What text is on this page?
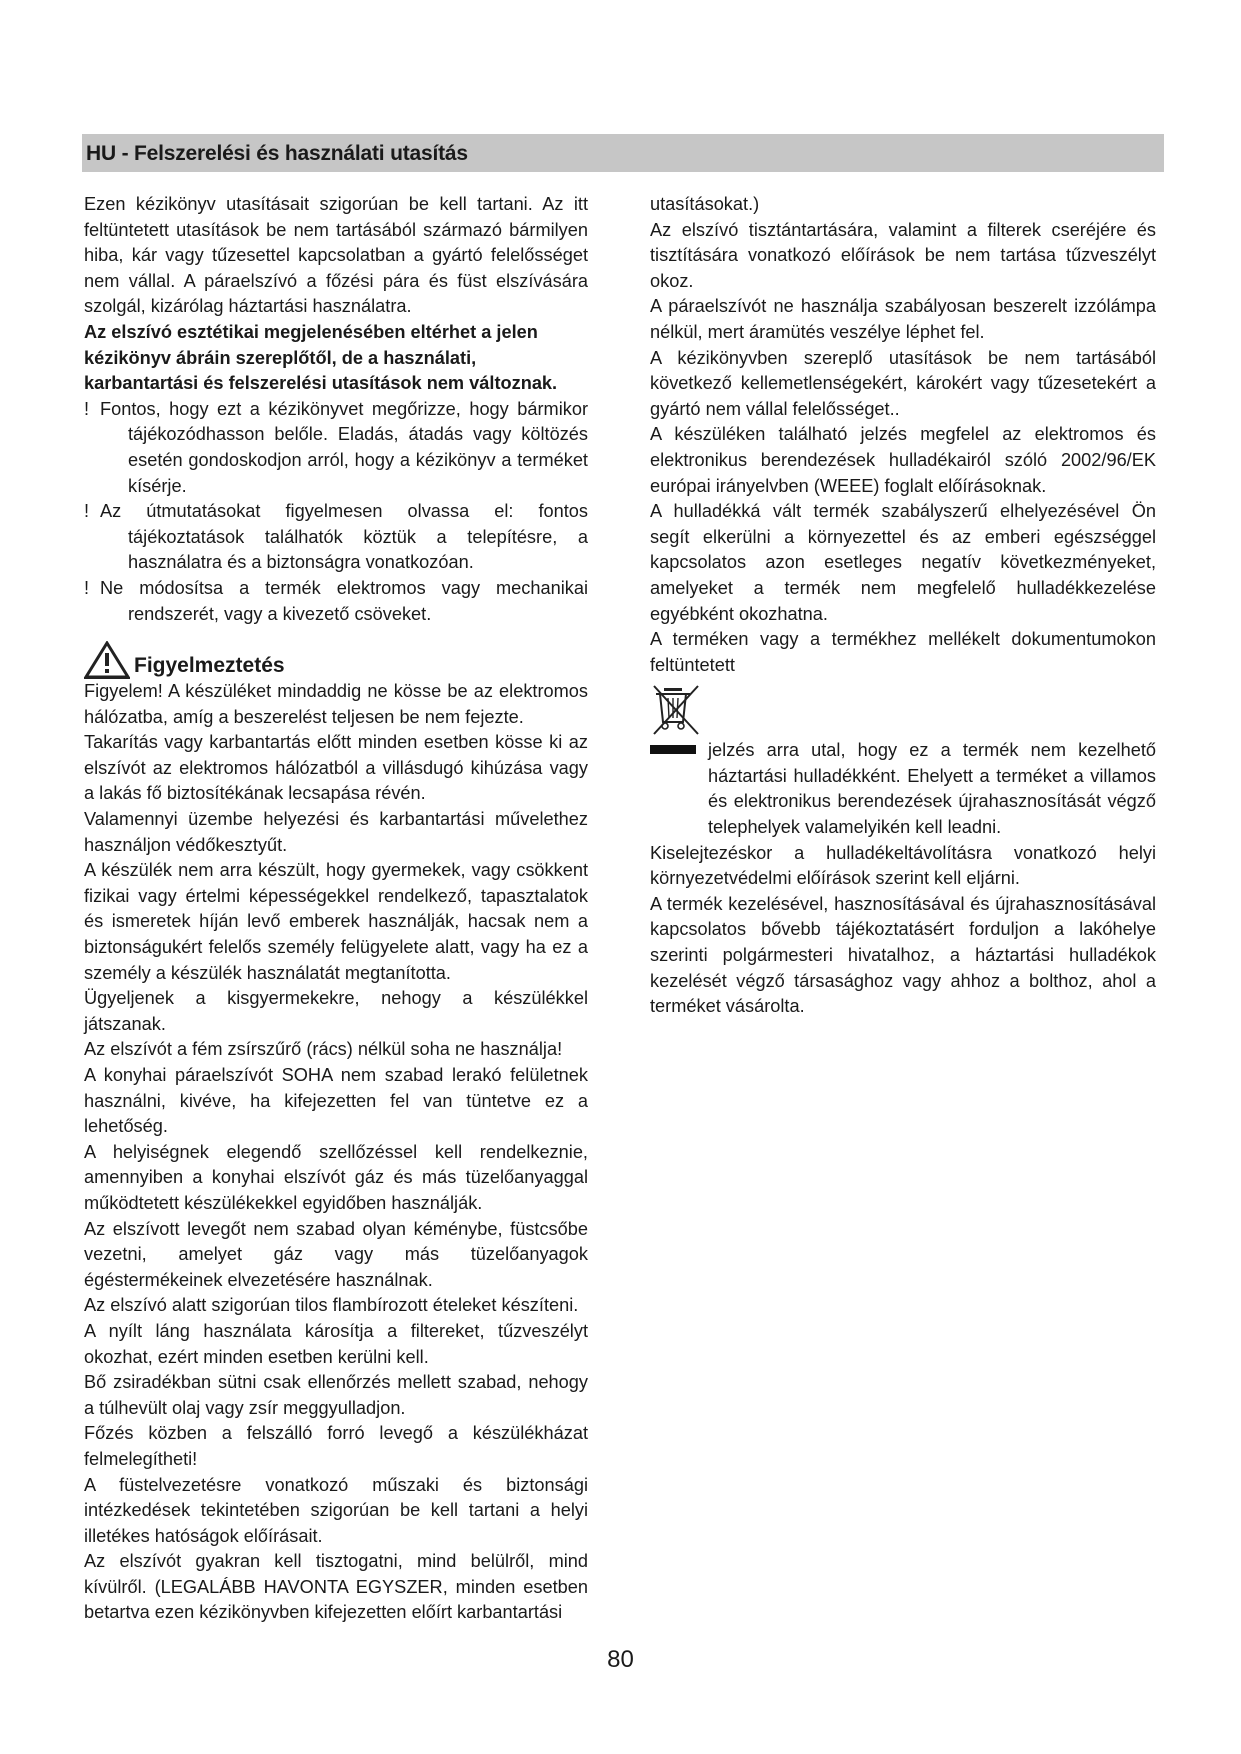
HU - Felszerelési és használati utasítás

Ezen kézikönyv utasításait szigorúan be kell tartani. Az itt feltüntetett utasítások be nem tartásából származó bármilyen hiba, kár vagy tűzesettel kapcsolatban a gyártó felelősséget nem vállal. A páraelszívó a főzési pára és füst elszívására szolgál, kizárólag háztartási használatra.

Az elszívó esztétikai megjelenésében eltérhet a jelen kézikönyv ábráin szereplőtől, de a használati, karbantartási és felszerelési utasítások nem változnak.

! Fontos, hogy ezt a kézikönyvet megőrizze, hogy bármikor tájékozódhasson belőle. Eladás, átadás vagy költözés esetén gondoskodjon arról, hogy a kézikönyv a terméket kísérje.

! Az útmutatásokat figyelmesen olvassa el: fontos tájékoztatások találhatók köztük a telepítésre, a használatra és a biztonságra vonatkozóan.

! Ne módosítsa a termék elektromos vagy mechanikai rendszerét, vagy a kivezető csöveket.

Figyelmeztetés

Figyelem! A készüléket mindaddig ne kösse be az elektromos hálózatba, amíg a beszerelést teljesen be nem fejezte.

Takarítás vagy karbantartás előtt minden esetben kösse ki az elszívót az elektromos hálózatból a villásdugó kihúzása vagy a lakás fő biztosítékának lecsapása révén.

Valamennyi üzembe helyezési és karbantartási művelethez használjon védőkesztyűt.

A készülék nem arra készült, hogy gyermekek, vagy csökkent fizikai vagy értelmi képességekkel rendelkező, tapasztalatok és ismeretek híján levő emberek használják, hacsak nem a biztonságukért felelős személy felügyelete alatt, vagy ha ez a személy a készülék használatát megtanította.

Ügyeljenek a kisgyermekekre, nehogy a készülékkel játszanak.

Az elszívót a fém zsírszűrő (rács) nélkül soha ne használja!

A konyhai páraelszívót SOHA nem szabad lerakó felületnek használni, kivéve, ha kifejezetten fel van tüntetve ez a lehetőség.

A helyiségnek elegendő szellőzéssel kell rendelkeznie, amennyiben a konyhai elszívót gáz és más tüzelőanyaggal működtetett készülékekkel egyidőben használják.

Az elszívott levegőt nem szabad olyan kéménybe, füstcsőbe vezetni, amelyet gáz vagy más tüzelőanyagok égéstermékeinek elvezetésére használnak.

Az elszívó alatt szigorúan tilos flambírozott ételeket készíteni.

A nyílt láng használata károsítja a filtereket, tűzveszélyt okozhat, ezért minden esetben kerülni kell.

Bő zsiradékban sütni csak ellenőrzés mellett szabad, nehogy a túlhevült olaj vagy zsír meggyulladjon.

Főzés közben a felszálló forró levegő a készülékházat felmelegítheti!

A füstelvezetésre vonatkozó műszaki és biztonsági intézkedések tekintetében szigorúan be kell tartani a helyi illetékes hatóságok előírásait.

Az elszívót gyakran kell tisztogatni, mind belülről, mind kívülről. (LEGALÁBB HAVONTA EGYSZER, minden esetben betartva ezen kézikönyvben kifejezetten előírt karbantartási

utasításokat.)

Az elszívó tisztántartására, valamint a filterek cseréjére és tisztítására vonatkozó előírások be nem tartása tűzveszélyt okoz.

A páraelszívót ne használja szabályosan beszerelt izzólámpa nélkül, mert áramütés veszélye léphet fel.

A kézikönyvben szereplő utasítások be nem tartásából következő kellemetlenségekért, károkért vagy tűzesetekért a gyártó nem vállal felelősséget..

A készüléken található jelzés megfelel az elektromos és elektronikus berendezések hulladékairól szóló 2002/96/EK európai irányelvben (WEEE) foglalt előírásoknak.

A hulladékká vált termék szabályszerű elhelyezésével Ön segít elkerülni a környezettel és az emberi egészséggel kapcsolatos azon esetleges negatív következményeket, amelyeket a termék nem megfelelő hulladékkezelése egyébként okozhatna.

A terméken vagy a termékhez mellékelt dokumentumokon feltüntetett

jelzés arra utal, hogy ez a termék nem kezelhető háztartási hulladékként. Ehelyett a terméket a villamos és elektronikus berendezések újrahasznosítását végző telephelyek valamelyikén kell leadni.

Kiselejtezéskor a hulladékeltávolításra vonatkozó helyi környezetvédelmi előírások szerint kell eljárni.

A termék kezelésével, hasznosításával és újrahasznosításával kapcsolatos bővebb tájékoztatásért forduljon a lakóhelye szerinti polgármesteri hivatalhoz, a háztartási hulladékok kezelését végző társasághoz vagy ahhoz a bolthoz, ahol a terméket vásárolta.

80
